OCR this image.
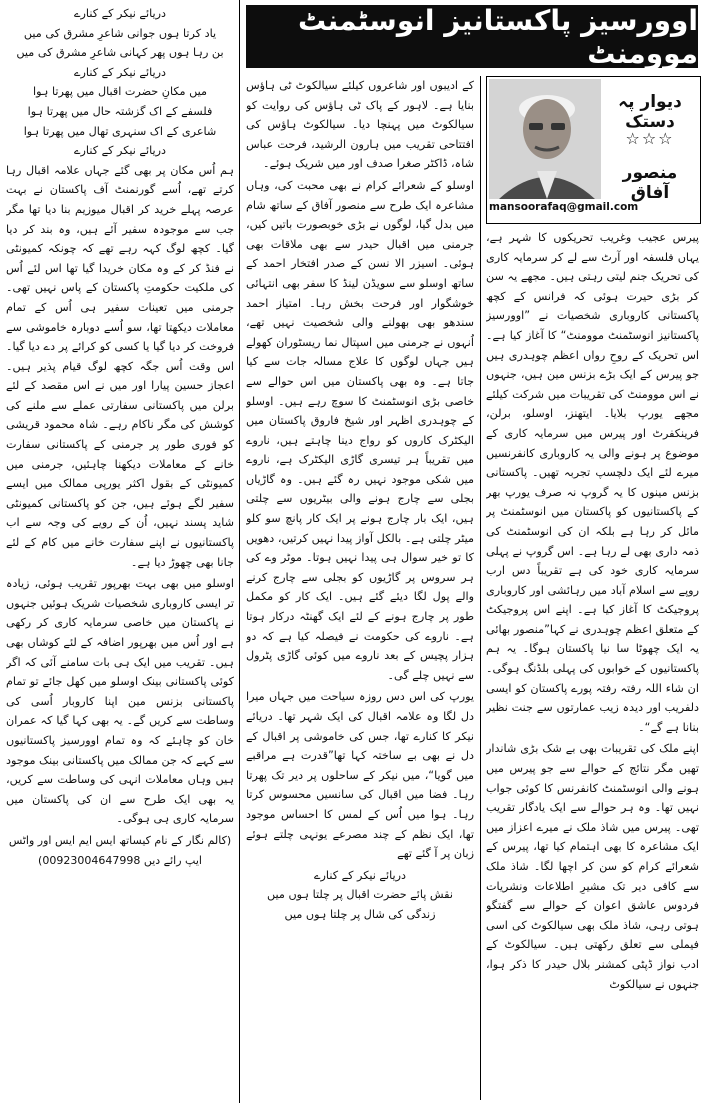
اوورسیز پاکستانیز انوسٹمنٹ موومنٹ
دیوار پہ دستک
☆☆☆
منصور آفاق
mansoorafaq@gmail.com

پیرس عجیب وغریب تحریکوں کا شہر ہے، یہاں فلسفہ اور آرٹ سے لے کر سرمایہ کاری کی تحریک جنم لیتی رہتی ہیں۔ مجھے یہ سن کر بڑی حیرت ہوئی کہ فرانس کے کچھ پاکستانی کاروباری شخصیات نے ”اوورسیز پاکستانیز انوسٹمنٹ موومنٹ“ کا آغاز کیا ہے۔اس تحریک کے روحِ رواں اعظم چوہدری ہیں جو پیرس کے ایک بڑے بزنس مین ہیں، جنہوں نے اس موومنٹ کی تقریبات میں شرکت کیلئے مجھے یورپ بلایا۔ ایتھنز، اوسلو، برلن، فرینکفرٹ اور پیرس میں سرمایہ کاری کے موضوع پر ہونے والی یہ کاروباری کانفرنسیں میرے لئے ایک دلچسپ تجربہ تھیں۔ پاکستانی بزنس مینوں کا یہ گروپ نہ صرف یورپ بھر کے پاکستانیوں کو پاکستان میں انوسٹمنٹ پر مائل کر رہا ہے بلکہ ان کی انوسٹمنٹ کی ذمہ داری بھی لے رہا ہے۔ اس گروپ نے پہلی سرمایہ کاری خود کی ہے تقریباً دس ارب روپے سے اسلام آباد میں رہائشی اور کاروباری پروجیکٹ کا آغاز کیا ہے۔ اپنے اس پروجیکٹ کے متعلق اعظم چوہدری نے کہا”منصور بھائی یہ ایک چھوٹا سا نیا پاکستان ہوگا۔ یہ ہم پاکستانیوں کے خوابوں کی پہلی بلڈنگ ہوگی۔ ان شاء اللہ رفتہ رفتہ پورے پاکستان کو ایسی دلفریب اور دیدہ زیب عمارتوں سے جنت نظیر بنانا ہے گے“۔

اپنے ملک کی تقریبات بھی بے شک بڑی شاندار تھیں مگر نتائج کے حوالے سے جو پیرس میں ہونے والی انوسٹمنٹ کانفرنس کا کوئی جواب نہیں تھا۔ وہ ہر حوالے سے ایک یادگار تقریب تھی۔ پیرس میں شاذ ملک نے میرے اعزاز میں ایک مشاعرہ کا بھی اہتمام کیا تھا، پیرس کے شعرائے کرام کو سن کر اچھا لگا۔ شاذ ملک سے کافی دیر تک مشیرِ اطلاعات ونشریات فردوس عاشق اعوان کے حوالے سے گفتگو ہوتی رہی، شاذ ملک بھی سیالکوٹ کی اسی فیملی سے تعلق رکھتی ہیں۔ سیالکوٹ کے ادب نواز ڈپٹی کمشنر بلال حیدر کا ذکر ہوا، جنہوں نے سیالکوٹ

کے ادیبوں اور شاعروں کیلئے سیالکوٹ ٹی ہاؤس بنایا ہے۔ لاہور کے پاک ٹی ہاؤس کی روایت کو سیالکوٹ میں پہنچا دیا۔ سیالکوٹ ہاؤس کی افتتاحی تقریب میں ہارون الرشید، فرحت عباس شاہ، ڈاکٹر صغرا صدف اور میں شریک ہوئے۔

اوسلو کے شعرائے کرام نے بھی محبت کی، وہاں مشاعرہ ایک طرح سے منصور آفاق کے ساتھ شام میں بدل گیا، لوگوں نے بڑی خوبصورت باتیں کیں، جرمنی میں اقبال حیدر سے بھی ملاقات بھی ہوئی۔ اسیزر الا نسن کے صدر افتخار احمد کے ساتھ اوسلو سے سویڈن لینڈ کا سفر بھی انتہائی خوشگوار اور فرحت بخش رہا۔ امتیاز احمد سندھو بھی بھولنے والی شخصیت نہیں تھے، اُنہوں نے جرمنی میں اسپتال نما ریسٹوران کھولے ہیں جہاں لوگوں کا علاج مسالہ جات سے کیا جاتا ہے۔ وہ بھی پاکستان میں اس حوالے سے خاصی بڑی انوسٹمنٹ کا سوچ رہے ہیں۔ اوسلو کے چوہدری اظہر اور شیخ فاروق پاکستان میں الیکٹرک کاروں کو رواج دینا چاہتے ہیں، ناروے میں تقریباً ہر تیسری گاڑی الیکٹرک ہے، ناروے میں شکی موجود نہیں رہ گئے ہیں۔ وہ گاڑیاں بجلی سے چارج ہونے والی بیٹریوں سے چلتی ہیں، ایک بار چارج ہونے پر ایک کار پانچ سو کلو میٹر چلتی ہے۔ بالکل آواز پیدا نہیں کرتیں، دھویں کا تو خیر سوال ہی پیدا نہیں ہوتا۔ موٹر وے کی ہر سروس پر گاڑیوں کو بجلی سے چارج کرنے والے پول لگا دیئے گئے ہیں۔ ایک کار کو مکمل طور پر چارج ہونے کے لئے ایک گھنٹہ درکار ہوتا ہے۔ ناروے کی حکومت نے فیصلہ کیا ہے کہ دو ہزار پچیس کے بعد ناروے میں کوئی گاڑی پٹرول سے نہیں چلے گی۔

یورپ کی اس دس روزہ سیاحت میں جہاں میرا دل لگا وہ علامہ اقبال کی ایک شہر تھا۔ دریائے نیکر کا کنارے تھا، جس کی خاموشی پر اقبال کے دل نے بھی بے ساختہ کہا تھا”قدرت ہے مراقبے میں گویا“، میں نیکر کے ساحلوں پر دیر تک پھرتا رہا۔ فضا میں اقبال کی سانسیں محسوس کرتا رہا۔ ہوا میں اُس کے لمس کا احساس موجود تھا، ایک نظم کے چند مصرعے یونہی چلتے ہوئے زبان پر آ گئے تھے

دریائے نیکر کے کنارے
نقش پائے حضرت اقبال پر چلتا ہوں میں
زندگی کی شال پر چلتا ہوں میں
دریائے نیکر کے کنارے
یاد کرتا ہوں جوانی شاعرِ مشرق کی میں
بن رہا ہوں پھر کہانی شاعرِ مشرق کی میں
دریائے نیکر کے کنارے
میں مکانِ حضرت اقبال میں پھرتا ہوا
فلسفے کے اک گزشتہ حال میں پھرتا ہوا
شاعری کے اک سنہری تھال میں پھرتا ہوا
دریائے نیکر کے کنارے

ہم اُس مکان پر بھی گئے جہاں علامہ اقبال رہا کرتے تھے، اُسے گورنمنٹ آف پاکستان نے بہت عرصہ پہلے خرید کر اقبال میوزیم بنا دیا تھا مگر جب سے موجودہ سفیر آئے ہیں، وہ بند کر دیا گیا۔ کچھ لوگ کہہ رہے تھے کہ چونکہ کمیونٹی نے فنڈ کر کے وہ مکان خریدا گیا تھا اس لئے اُس کی ملکیت حکومتِ پاکستان کے پاس نہیں تھی۔ جرمنی میں تعینات سفیر ہی اُس کے تمام معاملات دیکھتا تھا، سو اُسے دوبارہ خاموشی سے فروخت کر دیا گیا یا کسی کو کرائے پر دے دیا گیا۔ اس وقت اُس جگہ کچھ لوگ قیام پذیر ہیں۔ اعجاز حسین پیارا اور میں نے اس مقصد کے لئے برلن میں پاکستانی سفارتی عملے سے ملنے کی کوشش کی مگر ناکام رہے۔ شاہ محمود قریشی کو فوری طور پر جرمنی کے پاکستانی سفارت خانے کے معاملات دیکھنا چاہئیں، جرمنی میں کمیونٹی کے بقول اکثر یورپی ممالک میں ایسے سفیر لگے ہوئے ہیں، جن کو پاکستانی کمیونٹی شاید پسند نہیں، اُن کے رویے کی وجہ سے اب پاکستانیوں نے اپنے سفارت خانے میں کام کے لئے جانا بھی چھوڑ دیا ہے۔

اوسلو میں بھی بہت بھرپور تقریب ہوئی، زیادہ تر ایسی کاروباری شخصیات شریک ہوئیں جنہوں نے پاکستان میں خاصی سرمایہ کاری کر رکھی ہے اور اُس میں بھرپور اضافہ کے لئے کوشاں بھی ہیں۔ تقریب میں ایک ہی بات سامنے آئی کہ اگر کوئی پاکستانی بینک اوسلو میں کھل جائے تو تمام پاکستانی بزنس مین اپنا کاروبار اُسی کی وساطت سے کریں گے۔ یہ بھی کہا گیا کہ عمران خان کو چاہئے کہ وہ تمام اوورسیز پاکستانیوں سے کہے کہ جن ممالک میں پاکستانی بینک موجود ہیں وہاں معاملات انہی کی وساطت سے کریں، یہ بھی ایک طرح سے ان کی پاکستان میں سرمایہ کاری ہی ہوگی۔

(کالم نگار کے نام کیساتھ ایس ایم ایس اور واٹس
ایپ رائے دیں 00923004647998)
